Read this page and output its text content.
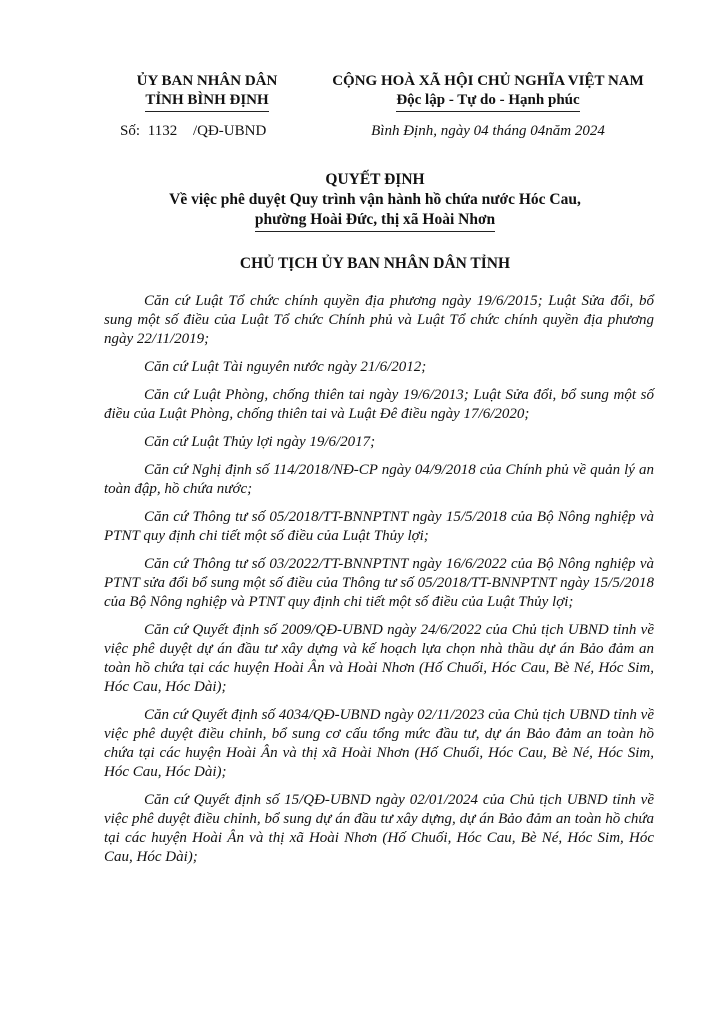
ỦY BAN NHÂN DÂN
TỈNH BÌNH ĐỊNH
CỘNG HOÀ XÃ HỘI CHỦ NGHĨA VIỆT NAM
Độc lập - Tự do - Hạnh phúc
Số: 1132 /QĐ-UBND	Bình Định, ngày 04 tháng 04năm 2024
QUYẾT ĐỊNH
Về việc phê duyệt Quy trình vận hành hồ chứa nước Hóc Cau,
phường Hoài Đức, thị xã Hoài Nhơn
CHỦ TỊCH ỦY BAN NHÂN DÂN TỈNH

Căn cứ Luật Tổ chức chính quyền địa phương ngày 19/6/2015; Luật Sửa đổi, bổ sung một số điều của Luật Tổ chức Chính phủ và Luật Tổ chức chính quyền địa phương ngày 22/11/2019;

Căn cứ Luật Tài nguyên nước ngày 21/6/2012;

Căn cứ Luật Phòng, chống thiên tai ngày 19/6/2013; Luật Sửa đổi, bổ sung một số điều của Luật Phòng, chống thiên tai và Luật Đê điều ngày 17/6/2020;

Căn cứ Luật Thủy lợi ngày 19/6/2017;

Căn cứ Nghị định số 114/2018/NĐ-CP ngày 04/9/2018 của Chính phủ về quản lý an toàn đập, hồ chứa nước;

Căn cứ Thông tư số 05/2018/TT-BNNPTNT ngày 15/5/2018 của Bộ Nông nghiệp và PTNT quy định chi tiết một số điều của Luật Thủy lợi;

Căn cứ Thông tư số 03/2022/TT-BNNPTNT ngày 16/6/2022 của Bộ Nông nghiệp và PTNT sửa đổi bổ sung một số điều của Thông tư số 05/2018/TT-BNNPTNT ngày 15/5/2018 của Bộ Nông nghiệp và PTNT quy định chi tiết một số điều của Luật Thủy lợi;

Căn cứ Quyết định số 2009/QĐ-UBND ngày 24/6/2022 của Chủ tịch UBND tỉnh về việc phê duyệt dự án đầu tư xây dựng và kế hoạch lựa chọn nhà thầu dự án Bảo đảm an toàn hồ chứa tại các huyện Hoài Ân và Hoài Nhơn (Hố Chuối, Hóc Cau, Bè Né, Hóc Sim, Hóc Cau, Hóc Dài);

Căn cứ Quyết định số 4034/QĐ-UBND ngày 02/11/2023 của Chủ tịch UBND tỉnh về việc phê duyệt điều chỉnh, bổ sung cơ cấu tổng mức đầu tư, dự án Bảo đảm an toàn hồ chứa tại các huyện Hoài Ân và thị xã Hoài Nhơn (Hố Chuối, Hóc Cau, Bè Né, Hóc Sim, Hóc Cau, Hóc Dài);

Căn cứ Quyết định số 15/QĐ-UBND ngày 02/01/2024 của Chủ tịch UBND tỉnh về việc phê duyệt điều chỉnh, bổ sung dự án đầu tư xây dựng, dự án Bảo đảm an toàn hồ chứa tại các huyện Hoài Ân và thị xã Hoài Nhơn (Hố Chuối, Hóc Cau, Bè Né, Hóc Sim, Hóc Cau, Hóc Dài);
